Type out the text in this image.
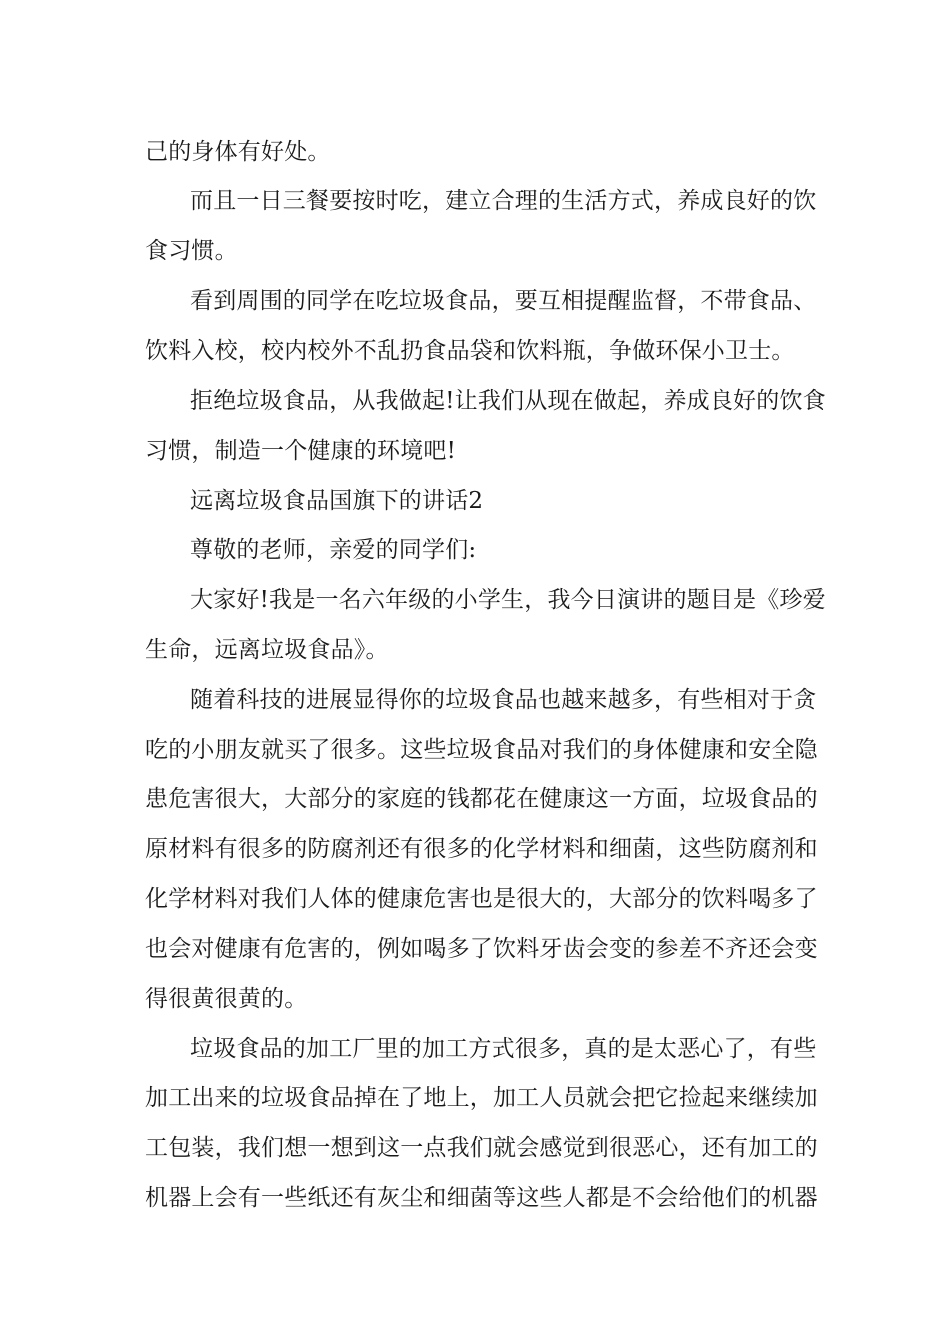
己的身体有好处。
而且一日三餐要按时吃，建立合理的生活方式，养成良好的饮
食习惯。
看到周围的同学在吃垃圾食品，要互相提醒监督，不带食品、
饮料入校，校内校外不乱扔食品袋和饮料瓶，争做环保小卫士。
拒绝垃圾食品，从我做起!让我们从现在做起，养成良好的饮食
习惯，制造一个健康的环境吧!
远离垃圾食品国旗下的讲话2
尊敬的老师，亲爱的同学们:
大家好!我是一名六年级的小学生，我今日演讲的题目是《珍爱
生命，远离垃圾食品》。
随着科技的进展显得你的垃圾食品也越来越多，有些相对于贪
吃的小朋友就买了很多。这些垃圾食品对我们的身体健康和安全隐
患危害很大，大部分的家庭的钱都花在健康这一方面，垃圾食品的
原材料有很多的防腐剂还有很多的化学材料和细菌，这些防腐剂和
化学材料对我们人体的健康危害也是很大的，大部分的饮料喝多了
也会对健康有危害的，例如喝多了饮料牙齿会变的参差不齐还会变
得很黄很黄的。
垃圾食品的加工厂里的加工方式很多，真的是太恶心了，有些
加工出来的垃圾食品掉在了地上，加工人员就会把它捡起来继续加
工包装，我们想一想到这一点我们就会感觉到很恶心，还有加工的
机器上会有一些纸还有灰尘和细菌等这些人都是不会给他们的机器
